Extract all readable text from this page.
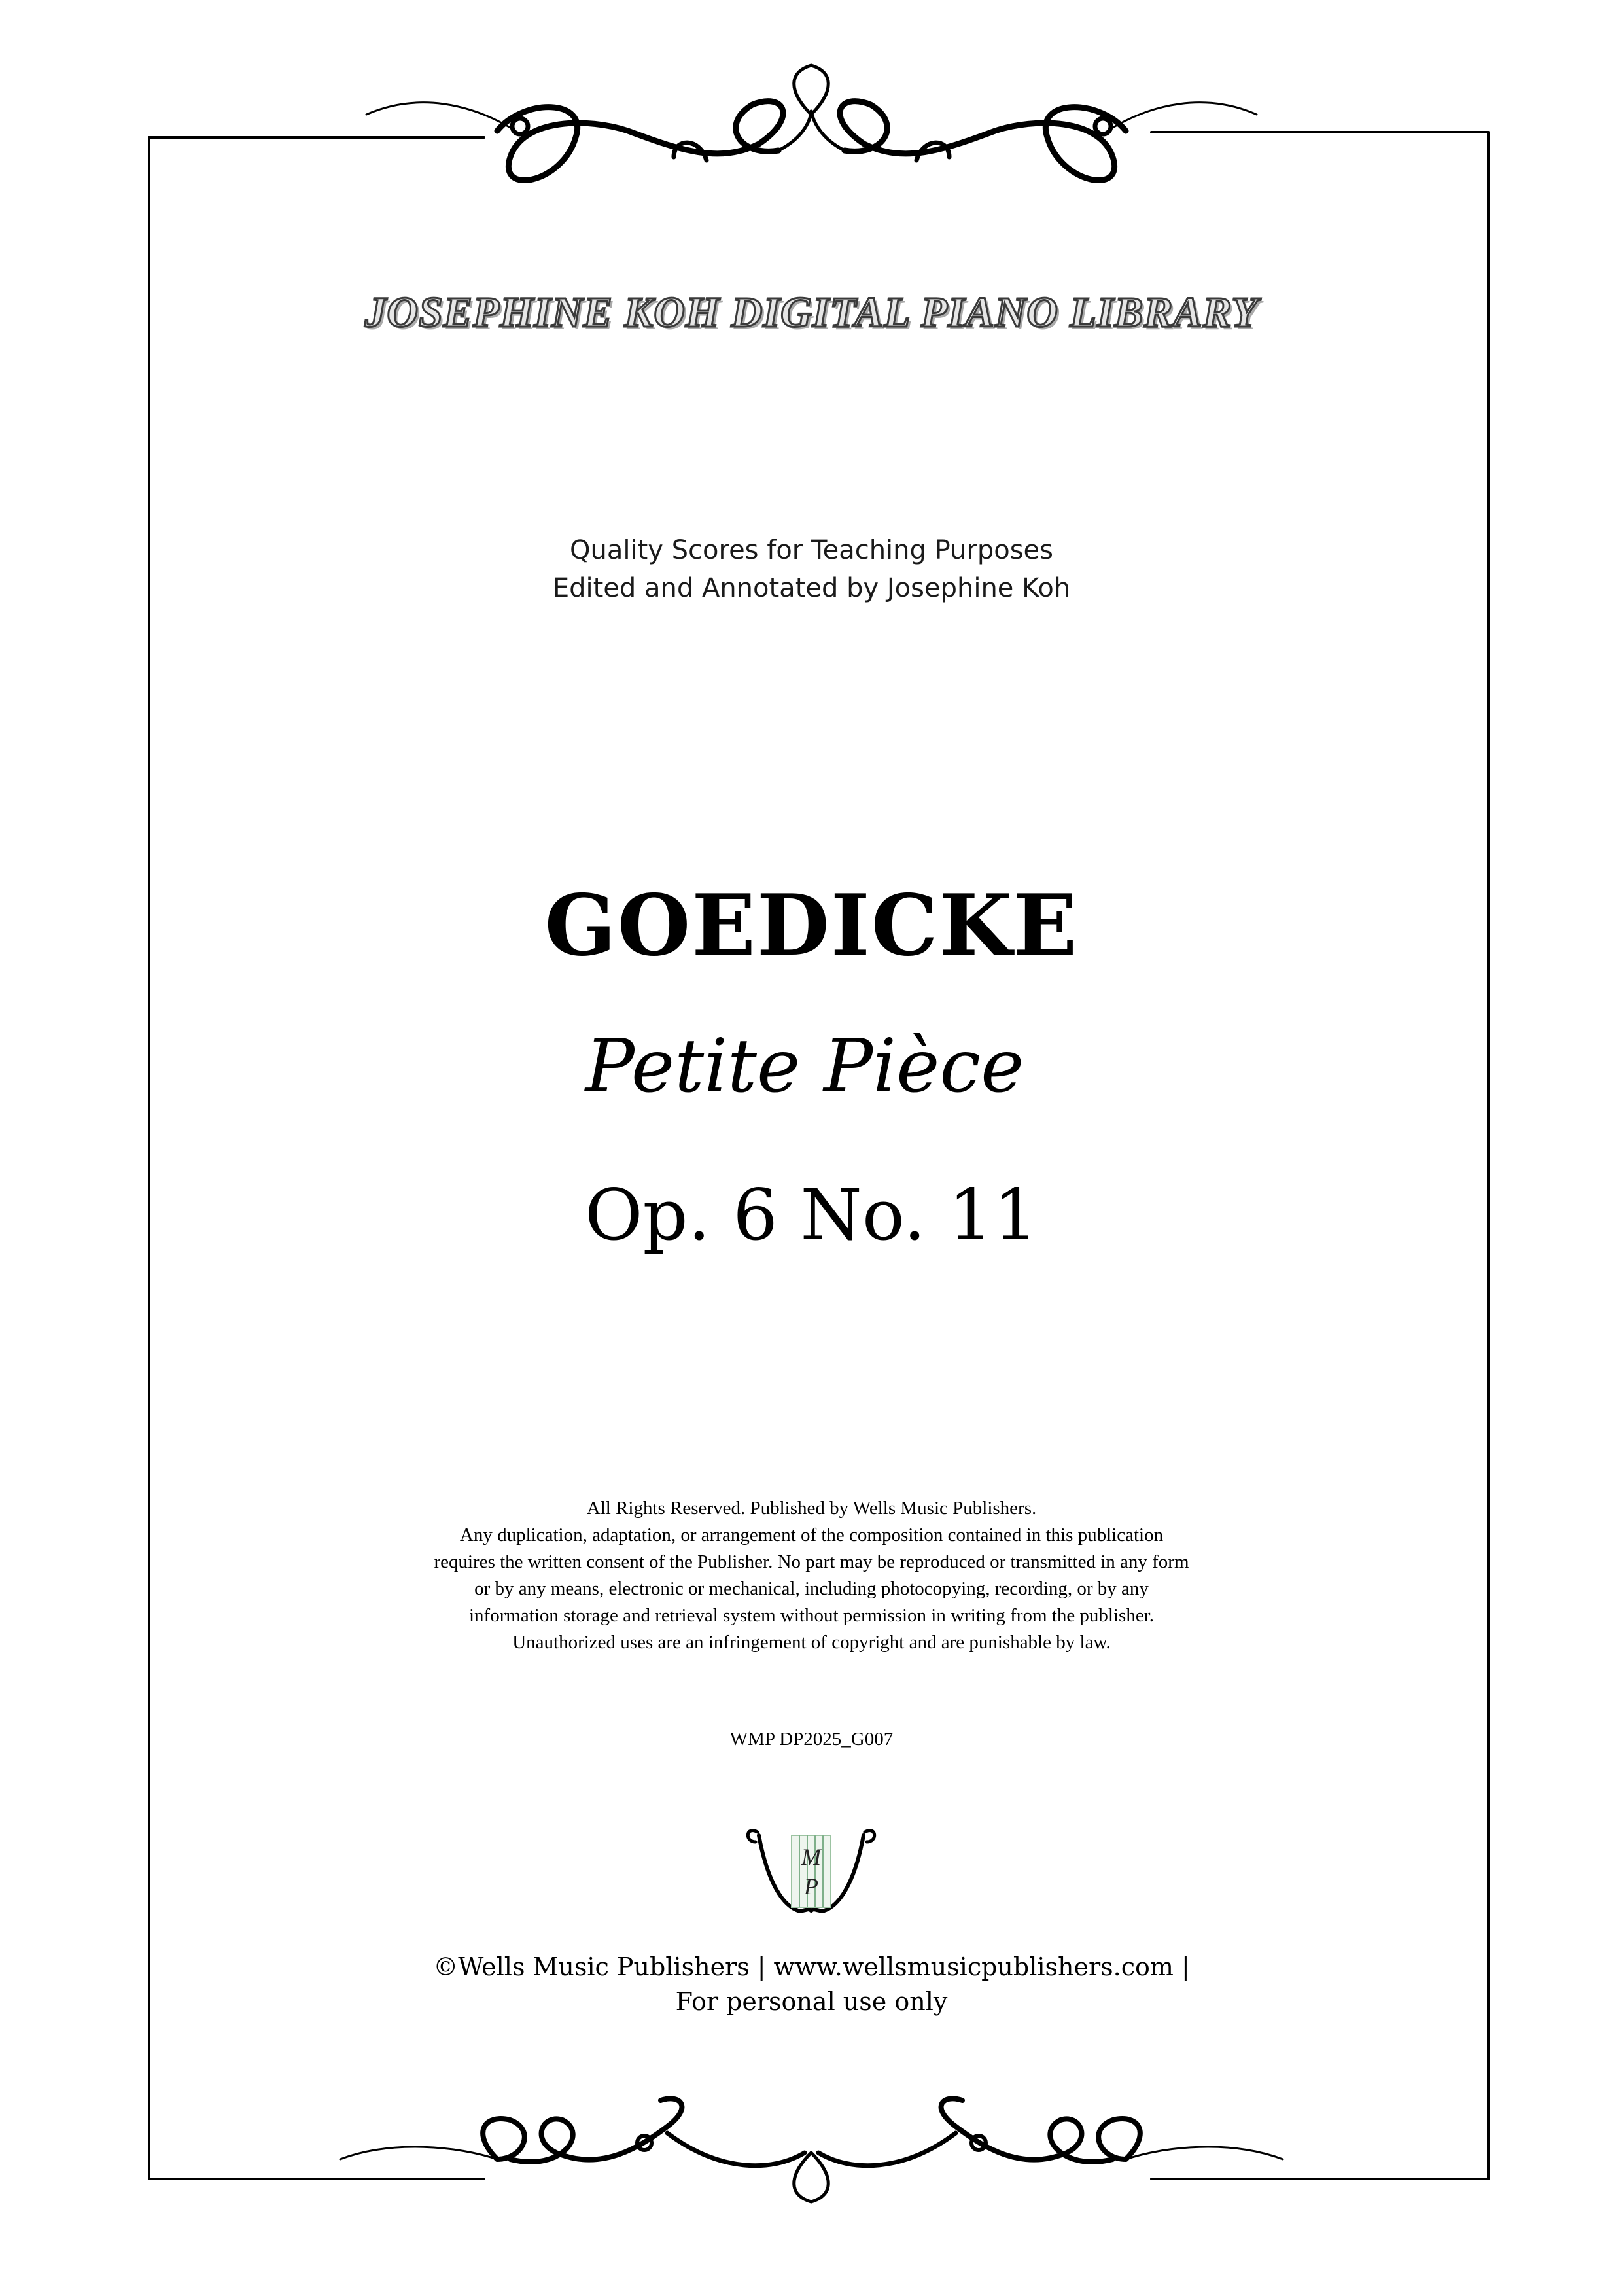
JOSEPHINE KOH DIGITAL PIANO LIBRARY
Quality Scores for Teaching Purposes
Edited and Annotated by Josephine Koh
GOEDICKE
Petite Pièce
Op. 6 No. 11
All Rights Reserved. Published by Wells Music Publishers.
Any duplication, adaptation, or arrangement of the composition contained in this publication
requires the written consent of the Publisher. No part may be reproduced or transmitted in any form
or by any means, electronic or mechanical, including photocopying, recording, or by any
information storage and retrieval system without permission in writing from the publisher.
Unauthorized uses are an infringement of copyright and are punishable by law.
WMP DP2025_G007
M
P
©Wells Music Publishers | www.wellsmusicpublishers.com |
For personal use only
